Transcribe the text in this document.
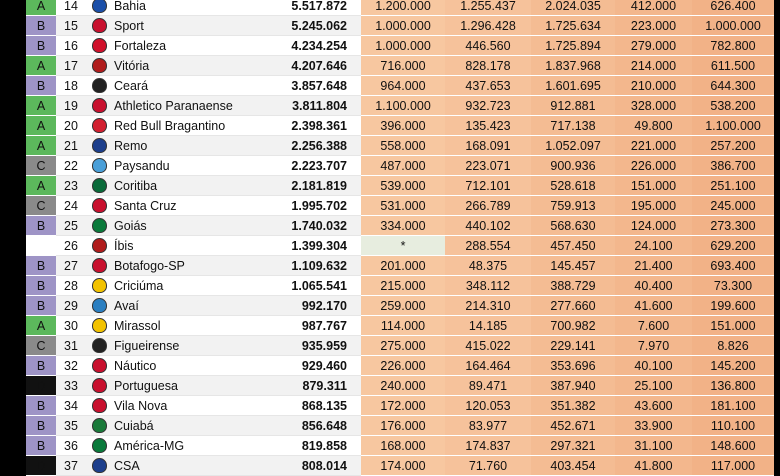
A	14		Bahia	5.517.872	1.200.000	1.255.437	2.024.035	412.000	626.400
B	15		Sport	5.245.062	1.000.000	1.296.428	1.725.634	223.000	1.000.000
B	16		Fortaleza	4.234.254	1.000.000	446.560	1.725.894	279.000	782.800
A	17		Vitória	4.207.646	716.000	828.178	1.837.968	214.000	611.500
B	18		Ceará	3.857.648	964.000	437.653	1.601.695	210.000	644.300
A	19		Athletico Paranaense	3.811.804	1.100.000	932.723	912.881	328.000	538.200
A	20		Red Bull Bragantino	2.398.361	396.000	135.423	717.138	49.800	1.100.000
A	21		Remo	2.256.388	558.000	168.091	1.052.097	221.000	257.200
C	22		Paysandu	2.223.707	487.000	223.071	900.936	226.000	386.700
A	23		Coritiba	2.181.819	539.000	712.101	528.618	151.000	251.100
C	24		Santa Cruz	1.995.702	531.000	266.789	759.913	195.000	245.000
B	25		Goiás	1.740.032	334.000	440.102	568.630	124.000	273.300
	26		Íbis	1.399.304	*	288.554	457.450	24.100	629.200
B	27		Botafogo-SP	1.109.632	201.000	48.375	145.457	21.400	693.400
B	28		Criciúma	1.065.541	215.000	348.112	388.729	40.400	73.300
B	29		Avaí	992.170	259.000	214.310	277.660	41.600	199.600
A	30		Mirassol	987.767	114.000	14.185	700.982	7.600	151.000
C	31		Figueirense	935.959	275.000	415.022	229.141	7.970	8.826
B	32		Náutico	929.460	226.000	164.464	353.696	40.100	145.200
D	33		Portuguesa	879.311	240.000	89.471	387.940	25.100	136.800
B	34		Vila Nova	868.135	172.000	120.053	351.382	43.600	181.100
B	35		Cuiabá	856.648	176.000	83.977	452.671	33.900	110.100
B	36		América-MG	819.858	168.000	174.837	297.321	31.100	148.600
D	37		CSA	808.014	174.000	71.760	403.454	41.800	117.000
